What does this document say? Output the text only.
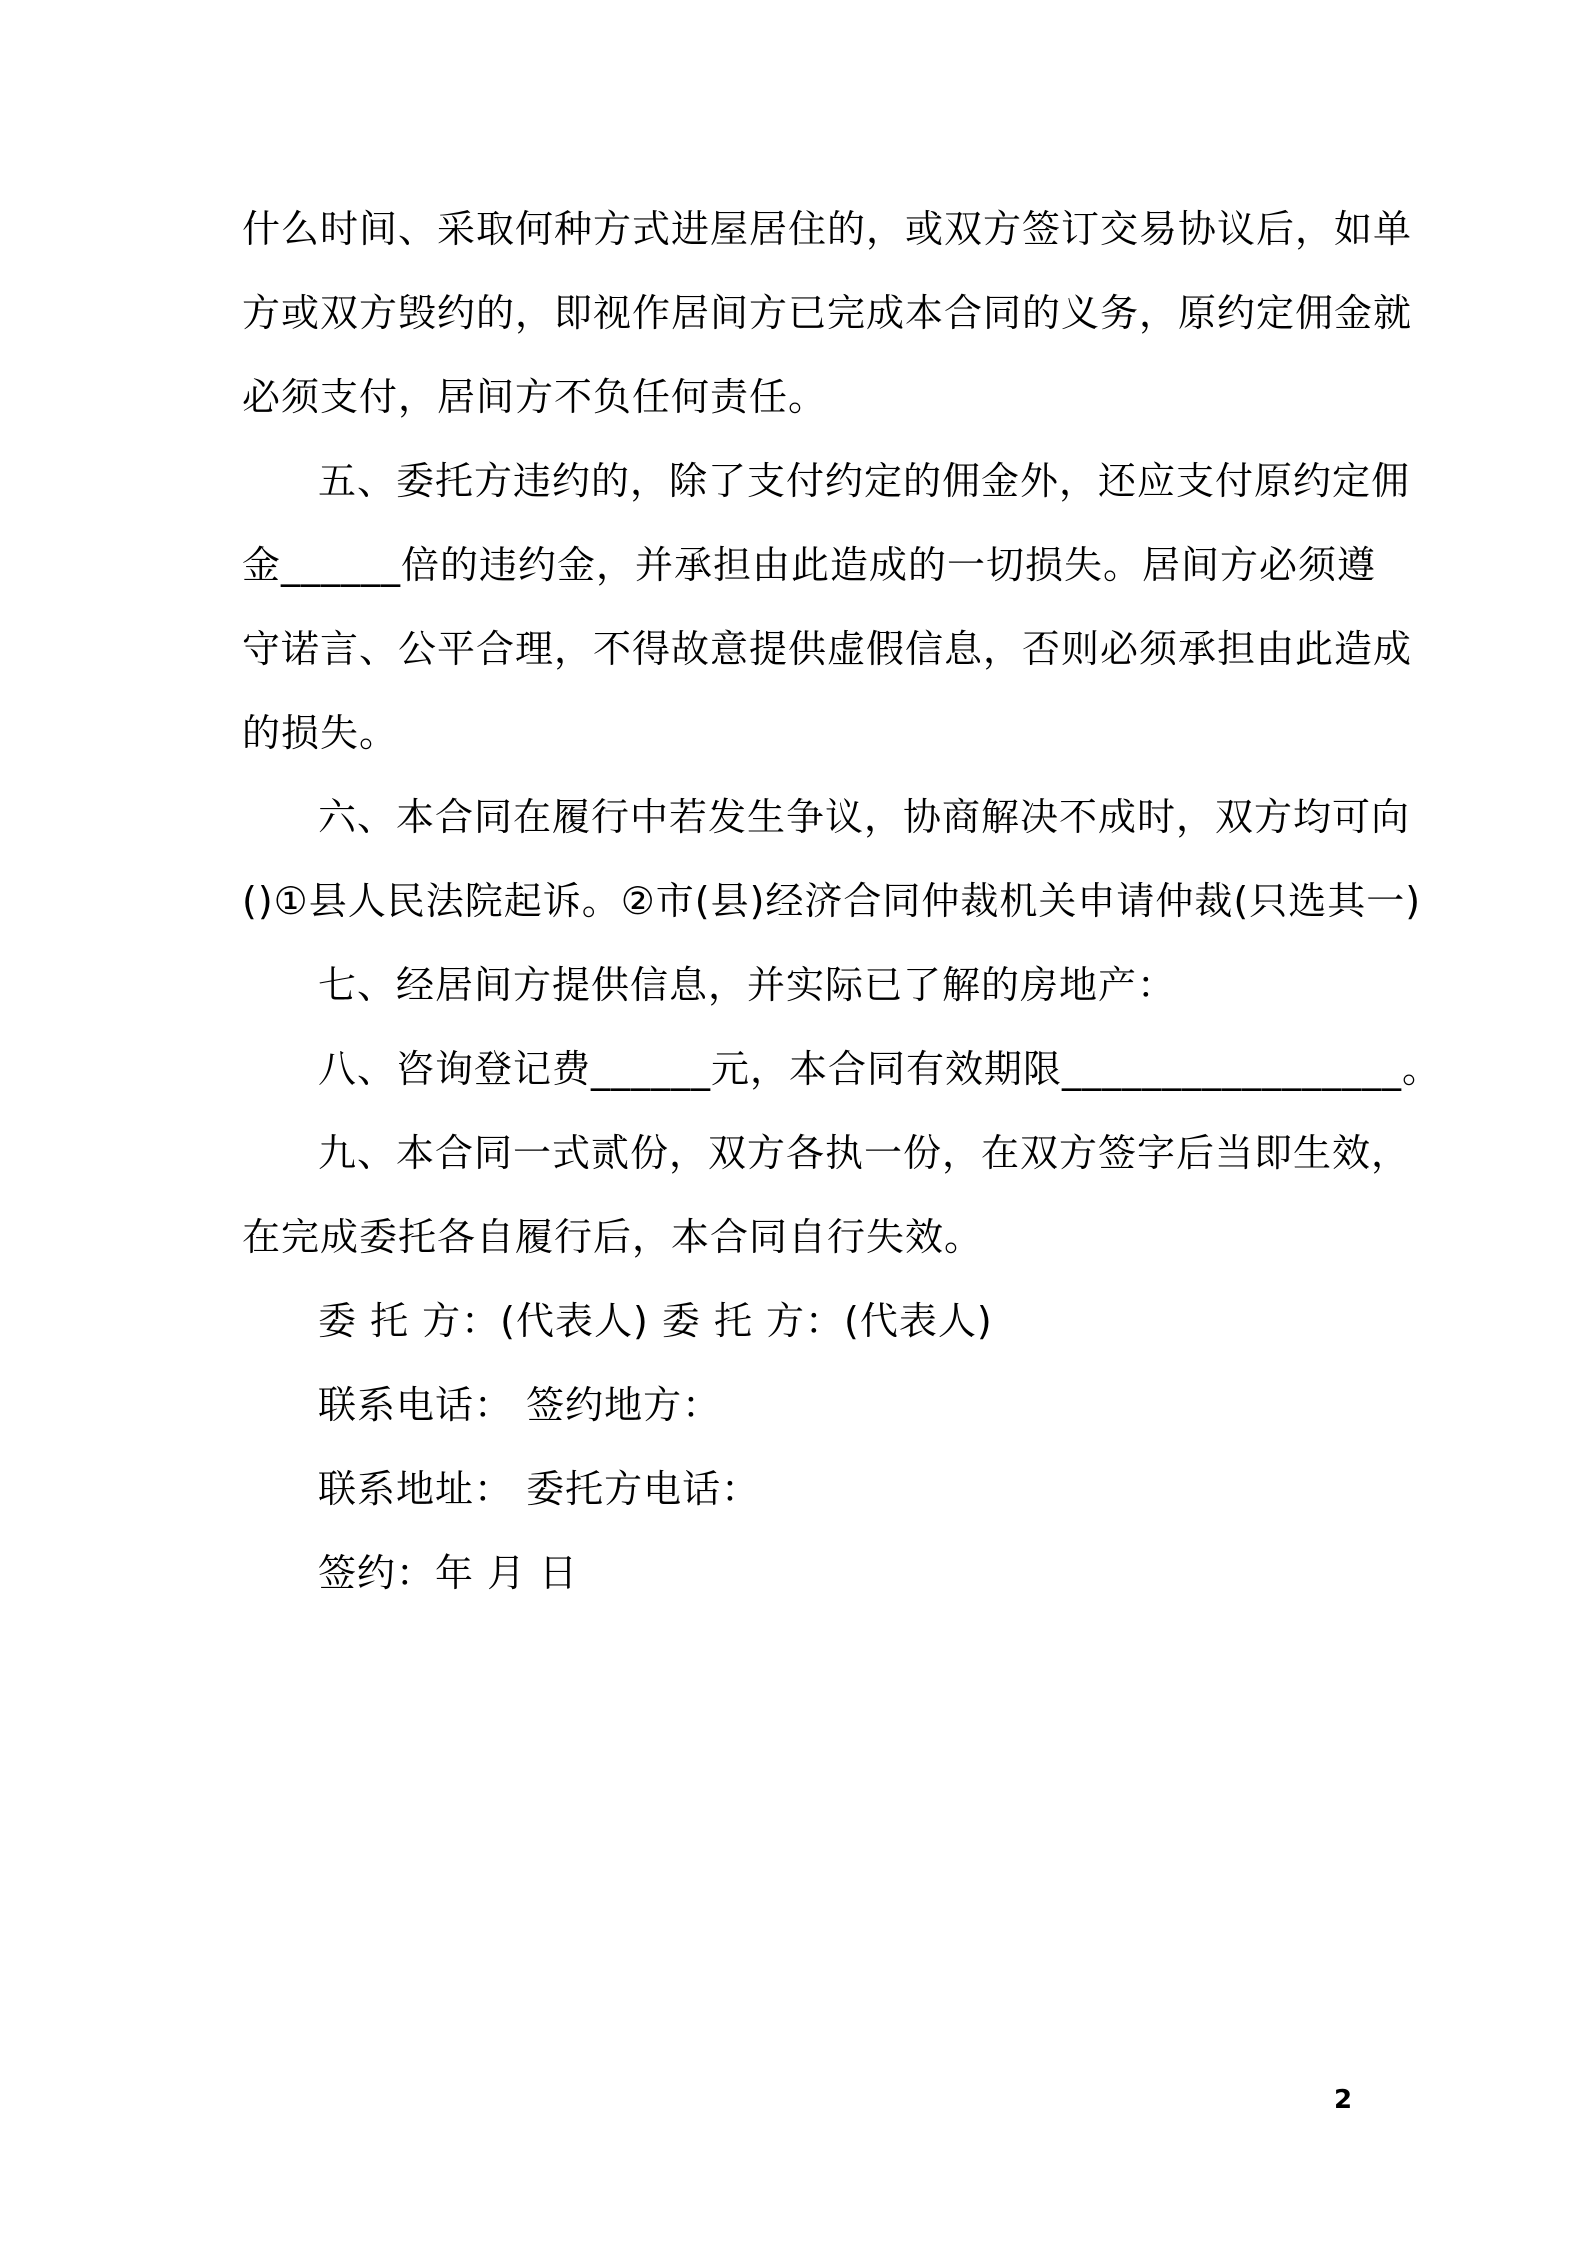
什么时间、采取何种方式进屋居住的，或双方签订交易协议后，如单
方或双方毁约的，即视作居间方已完成本合同的义务，原约定佣金就
必须支付，居间方不负任何责任。
五、委托方违约的，除了支付约定的佣金外，还应支付原约定佣
金______倍的违约金，并承担由此造成的一切损失。居间方必须遵
守诺言、公平合理，不得故意提供虚假信息，否则必须承担由此造成
的损失。
六、本合同在履行中若发生争议，协商解决不成时，双方均可向
()①县人民法院起诉。②市(县)经济合同仲裁机关申请仲裁(只选其一)
七、经居间方提供信息，并实际已了解的房地产：
八、咨询登记费______元，本合同有效期限_________________。
九、本合同一式贰份，双方各执一份，在双方签字后当即生效，
在完成委托各自履行后，本合同自行失效。
委 托 方：(代表人) 委 托 方：(代表人)
联系电话： 签约地方：
联系地址： 委托方电话：
签约：年 月 日
2
